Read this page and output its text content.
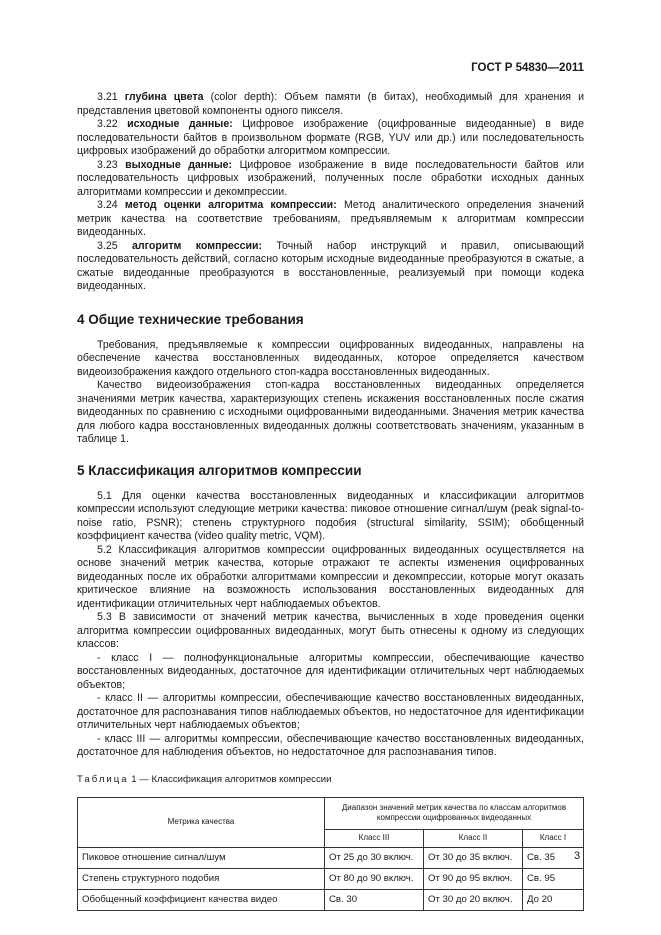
ГОСТ Р 54830—2011

3.21 глубина цвета (color depth): Объем памяти (в битах), необходимый для хранения и представления цветовой компоненты одного пикселя.

3.22 исходные данные: Цифровое изображение (оцифрованные видеоданные) в виде последовательности байтов в произвольном формате (RGB, YUV или др.) или последовательность цифровых изображений до обработки алгоритмом компрессии.

3.23 выходные данные: Цифровое изображение в виде последовательности байтов или последовательность цифровых изображений, полученных после обработки исходных данных алгоритмами компрессии и декомпрессии.

3.24 метод оценки алгоритма компрессии: Метод аналитического определения значений метрик качества на соответствие требованиям, предъявляемым к алгоритмам компрессии видеоданных.

3.25 алгоритм компрессии: Точный набор инструкций и правил, описывающий последовательность действий, согласно которым исходные видеоданные преобразуются в сжатые, а сжатые видеоданные преобразуются в восстановленные, реализуемый при помощи кодека видеоданных.

4 Общие технические требования

Требования, предъявляемые к компрессии оцифрованных видеоданных, направлены на обеспечение качества восстановленных видеоданных, которое определяется качеством видеоизображения каждого отдельного стоп-кадра восстановленных видеоданных.

Качество видеоизображения стоп-кадра восстановленных видеоданных определяется значениями метрик качества, характеризующих степень искажения восстановленных после сжатия видеоданных по сравнению с исходными оцифрованными видеоданными. Значения метрик качества для любого кадра восстановленных видеоданных должны соответствовать значениям, указанным в таблице 1.

5 Классификация алгоритмов компрессии

5.1 Для оценки качества восстановленных видеоданных и классификации алгоритмов компрессии используют следующие метрики качества: пиковое отношение сигнал/шум (peak signal-to-noise ratio, PSNR); степень структурного подобия (structural similarity, SSIM); обобщенный коэффициент качества (video quality metric, VQM).

5.2 Классификация алгоритмов компрессии оцифрованных видеоданных осуществляется на основе значений метрик качества, которые отражают те аспекты изменения оцифрованных видеоданных после их обработки алгоритмами компрессии и декомпрессии, которые могут оказать критическое влияние на возможность использования восстановленных видеоданных для идентификации отличительных черт наблюдаемых объектов.

5.3 В зависимости от значений метрик качества, вычисленных в ходе проведения оценки алгоритма компрессии оцифрованных видеоданных, могут быть отнесены к одному из следующих классов:

- класс I — полнофункциональные алгоритмы компрессии, обеспечивающие качество восстановленных видеоданных, достаточное для идентификации отличительных черт наблюдаемых объектов;

- класс II — алгоритмы компрессии, обеспечивающие качество восстановленных видеоданных, достаточное для распознавания типов наблюдаемых объектов, но недостаточное для идентификации отличительных черт наблюдаемых объектов;

- класс III — алгоритмы компрессии, обеспечивающие качество восстановленных видеоданных, достаточное для наблюдения объектов, но недостаточное для распознавания типов.

Таблица 1 — Классификация алгоритмов компрессии
Метрика качества	Диапазон значений метрик качества по классам алгоритмов компрессии оцифрованных видеоданных		
	Класс III	Класс II	Класс I
Пиковое отношение сигнал/шум	От 25 до 30 включ.	От 30 до 35 включ.	Св. 35
Степень структурного подобия	От 80 до 90 включ.	От 90 до 95 включ.	Св. 95
Обобщенный коэффициент качества видео	Св. 30	От 30 до 20 включ.	До 20
3
